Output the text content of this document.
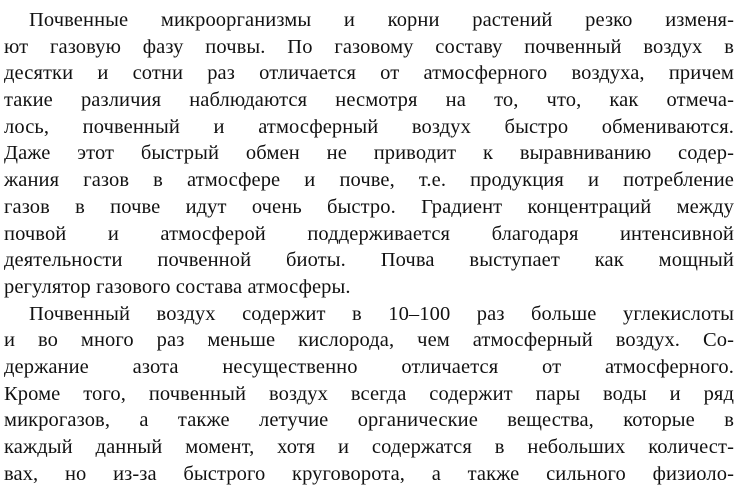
Почвенные микроорганизмы и корни растений резко изменя-
ют газовую фазу почвы. По газовому составу почвенный воздух в
десятки и сотни раз отличается от атмосферного воздуха, причем
такие различия наблюдаются несмотря на то, что, как отмеча-
лось, почвенный и атмосферный воздух быстро обмениваются.
Даже этот быстрый обмен не приводит к выравниванию содер-
жания газов в атмосфере и почве, т.е. продукция и потребление
газов в почве идут очень быстро. Градиент концентраций между
почвой и атмосферой поддерживается благодаря интенсивной
деятельности почвенной биоты. Почва выступает как мощный
регулятор газового состава атмосферы.
Почвенный воздух содержит в 10–100 раз больше углекислоты
и во много раз меньше кислорода, чем атмосферный воздух. Со-
держание азота несущественно отличается от атмосферного.
Кроме того, почвенный воздух всегда содержит пары воды и ряд
микрогазов, а также летучие органические вещества, которые в
каждый данный момент, хотя и содержатся в небольших количест-
вах, но из-за быстрого круговорота, а также сильного физиоло-
